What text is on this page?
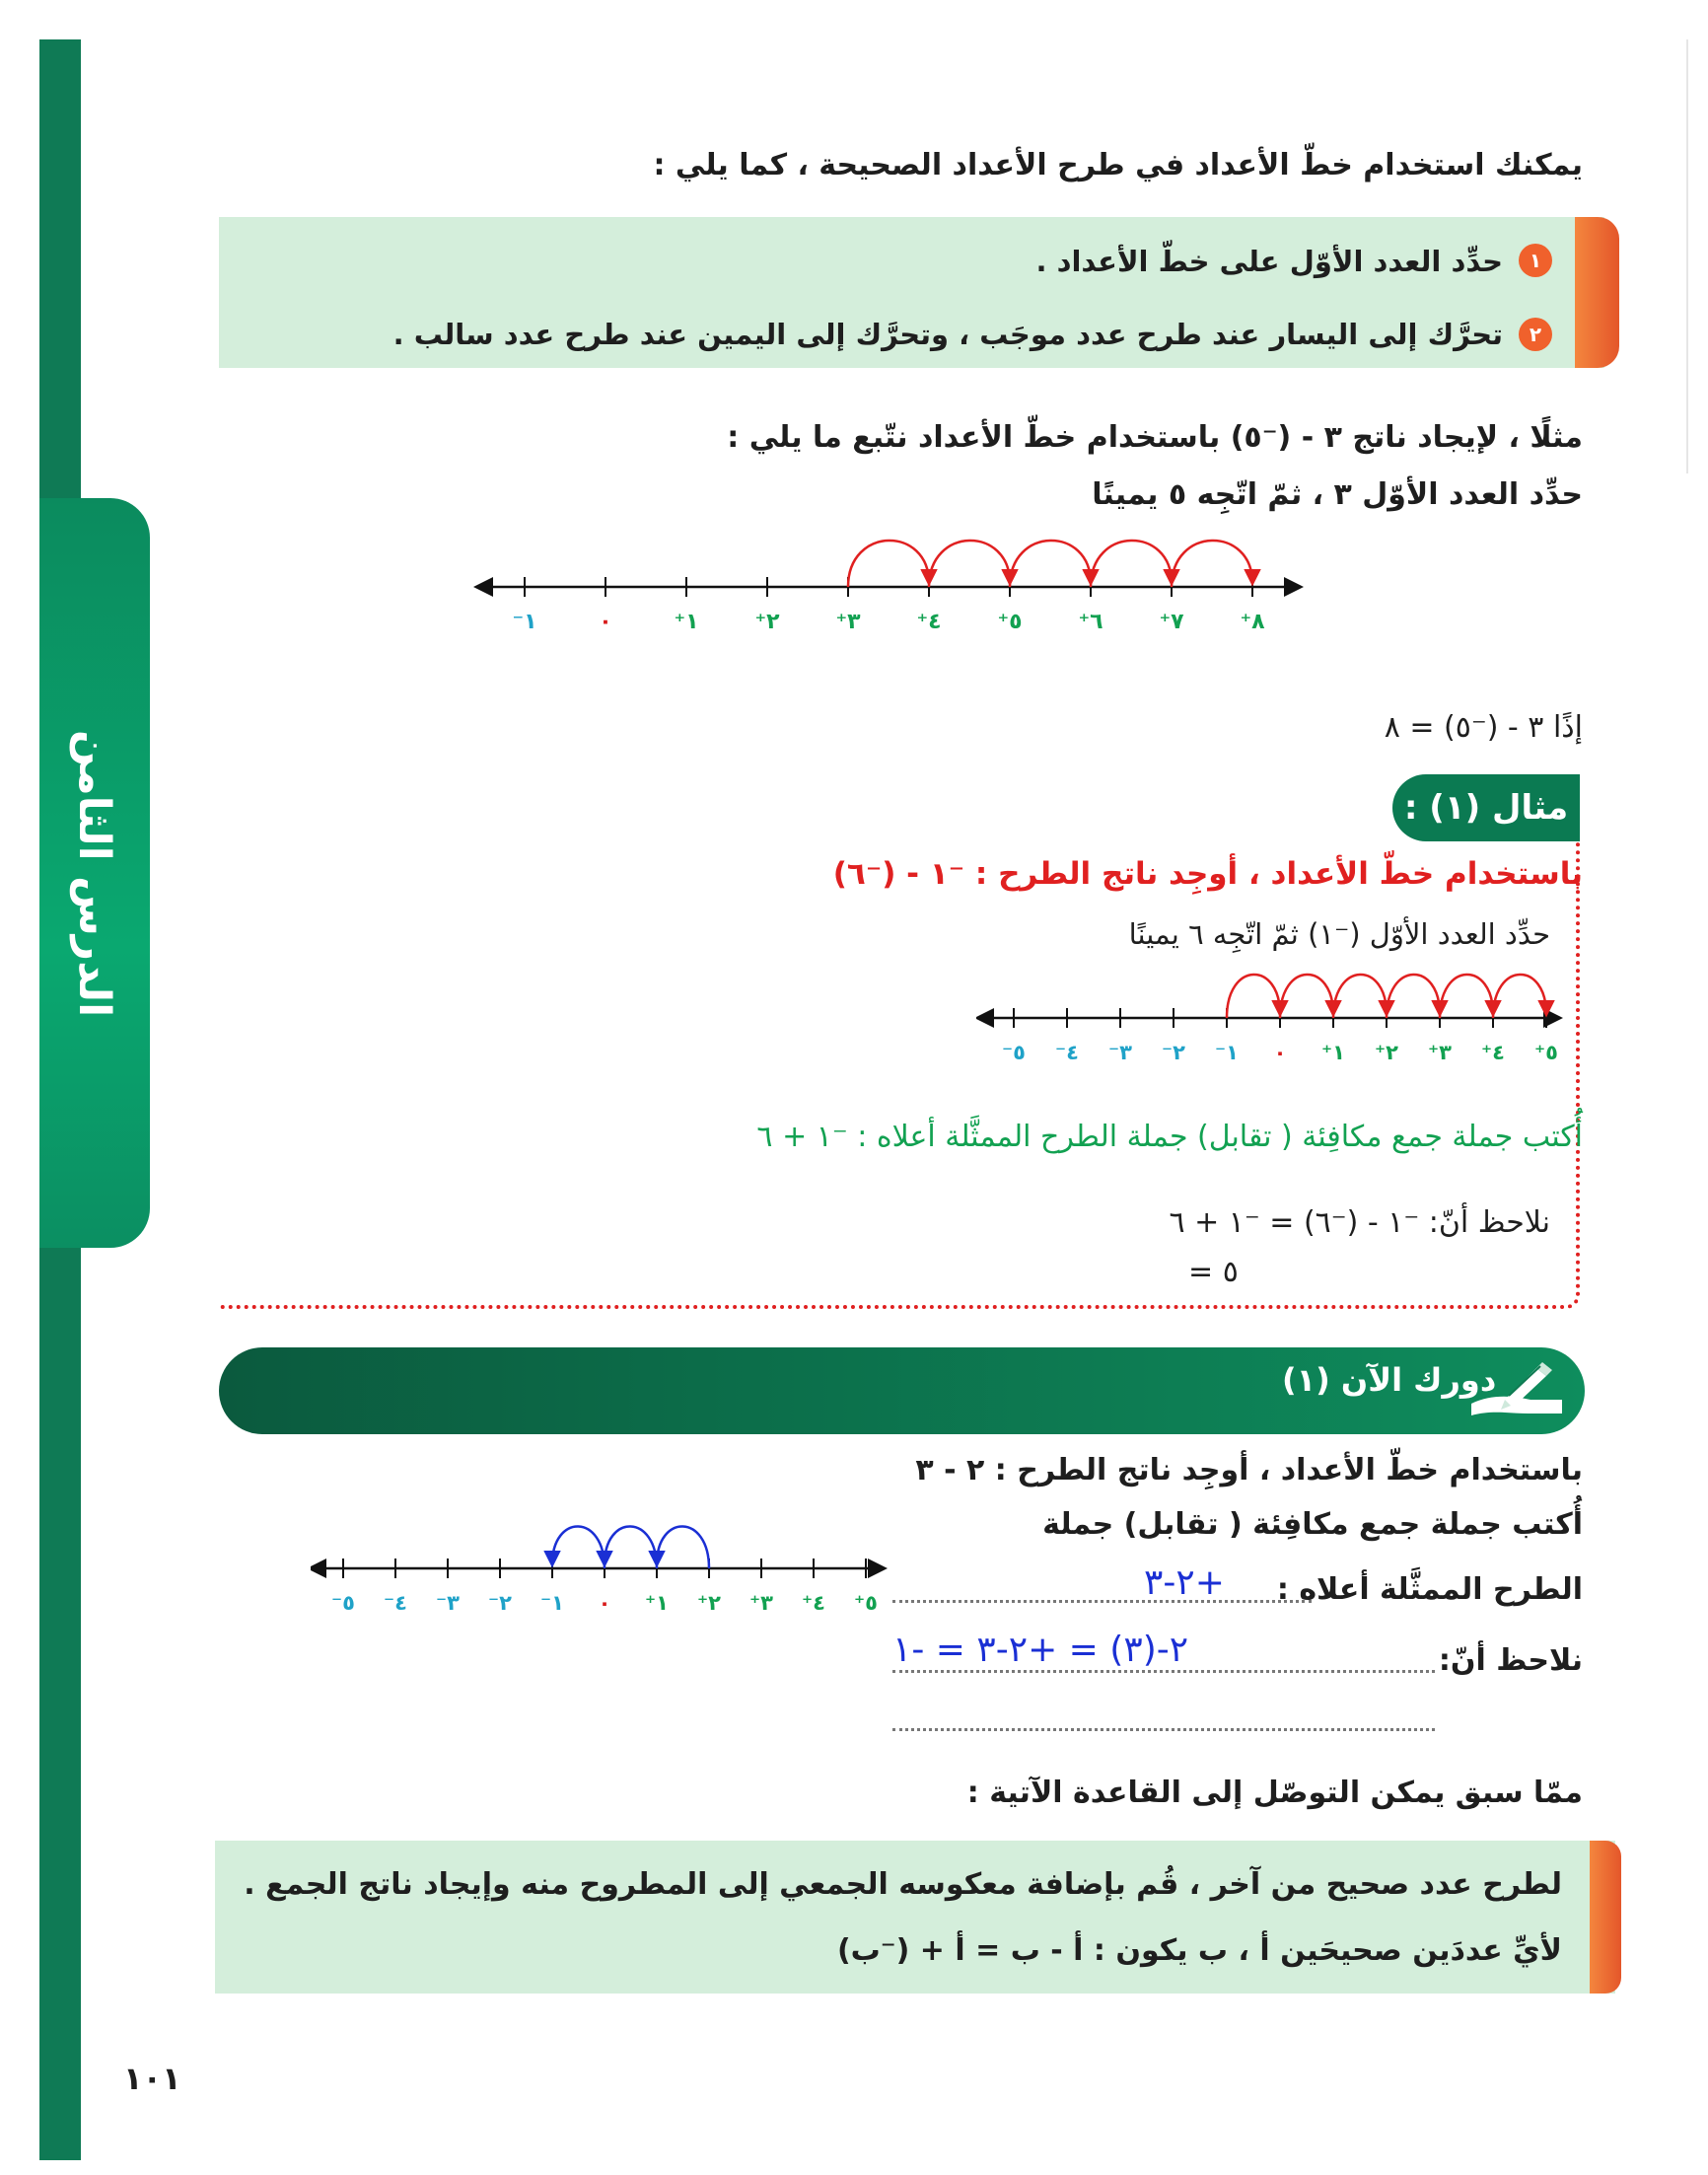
الدرس الثامن
يمكنك استخدام خطّ الأعداد في طرح الأعداد الصحيحة ، كما يلي :
١
حدِّد العدد الأوّل على خطّ الأعداد .
٢
تحرَّك إلى اليسار عند طرح عدد موجَب ، وتحرَّك إلى اليمين عند طرح عدد سالب .
مثلًا ، لإيجاد ناتج ٣ - (⁻٥) باستخدام خطّ الأعداد نتّبع ما يلي :
حدِّد العدد الأوّل ٣ ، ثمّ اتّجِه ٥ يمينًا
⁻١	٠	⁺١	⁺٢	⁺٣	⁺٤	⁺٥	⁺٦	⁺٧	⁺٨
إذًا ٣ - (⁻٥) = ٨
مثال (١) :
باستخدام خطّ الأعداد ، أوجِد ناتج الطرح : ⁻١ - (⁻٦)
حدِّد العدد الأوّل (⁻١) ثمّ اتّجِه ٦ يمينًا
⁻٥ ⁻٤ ⁻٣ ⁻٢ ⁻١ ٠ ⁺١ ⁺٢ ⁺٣ ⁺٤ ⁺٥
أُكتب جملة جمع مكافِئة ( تقابل) جملة الطرح الممثَّلة أعلاه : ⁻١ + ٦
نلاحظ أنّ: ⁻١ - (⁻٦) = ⁻١ + ٦
= ٥
دورك الآن (١)
باستخدام خطّ الأعداد ، أوجِد ناتج الطرح : ٢ - ٣
أُكتب جملة جمع مكافِئة ( تقابل) جملة
الطرح الممثَّلة أعلاه :
نلاحظ أنّ:
+٢-٣
٢-(٣) = +٢-٣ = -١
⁻٥ ⁻٤ ⁻٣ ⁻٢ ⁻١ ٠ ⁺١ ⁺٢ ⁺٣ ⁺٤ ⁺٥
ممّا سبق يمكن التوصّل إلى القاعدة الآتية :
لطرح عدد صحيح من آخر ، قُم بإضافة معكوسه الجمعي إلى المطروح منه وإيجاد ناتج الجمع .
لأيِّ عددَين صحيحَين أ ، ب يكون : أ - ب = أ + (⁻ب)
١٠١
